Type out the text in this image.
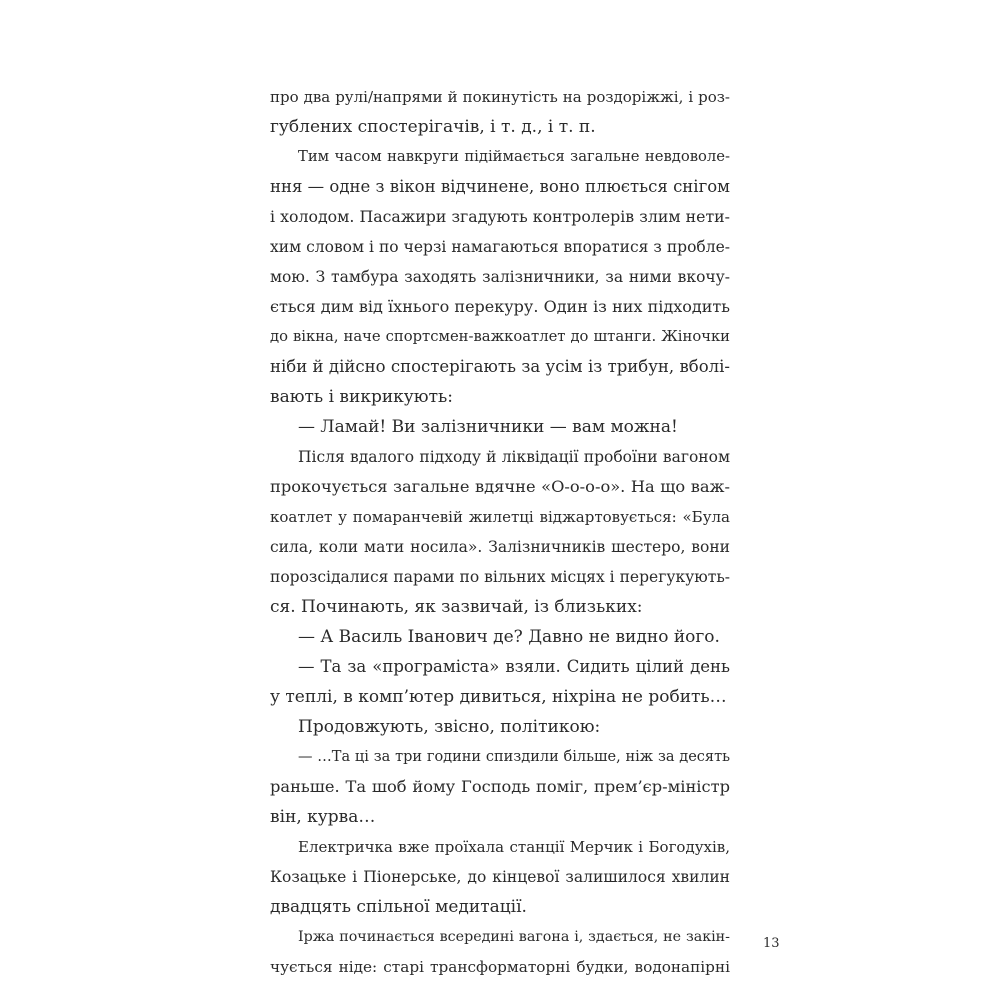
про два рулі/напрями й покинутість на роздоріжжі, і роз-
гублених спостерігачів, і т. д., і т. п.
Тим часом навкруги підіймається загальне невдоволе-
ння — одне з вікон відчинене, воно плюється снігом
і холодом. Пасажири згадують контролерів злим нети-
хим словом і по черзі намагаються впоратися з пробле-
мою. З тамбура заходять залізничники, за ними вкочу-
ється дим від їхнього перекуру. Один із них підходить
до вікна, наче спортсмен-важкоатлет до штанги. Жіночки
ніби й дійсно спостерігають за усім із трибун, вболі-
вають і викрикують:
— Ламай! Ви залізничники — вам можна!
Після вдалого підходу й ліквідації пробоїни вагоном
прокочується загальне вдячне «О-о-о-о». На що важ-
коатлет у помаранчевій жилетці віджартовується: «Була
сила, коли мати носила». Залізничників шестеро, вони
порозсідалися парами по вільних місцях і перегукують-
ся. Починають, як зазвичай, із близьких:
— А Василь Іванович де? Давно не видно його.
— Та за «програміста» взяли. Сидить цілий день
у теплі, в комп’ютер дивиться, ніхріна не робить…
Продовжують, звісно, політикою:
— …Та ці за три години спиздили більше, ніж за десять
раньше. Та шоб йому Господь поміг, прем’єр-міністр
він, курва…
Електричка вже проїхала станції Мерчик і Богодухів,
Козацьке і Піонерське, до кінцевої залишилося хвилин
двадцять спільної медитації.
Іржа починається всередині вагона і, здається, не закін-
чується ніде: старі трансформаторні будки, водонапірні
13
